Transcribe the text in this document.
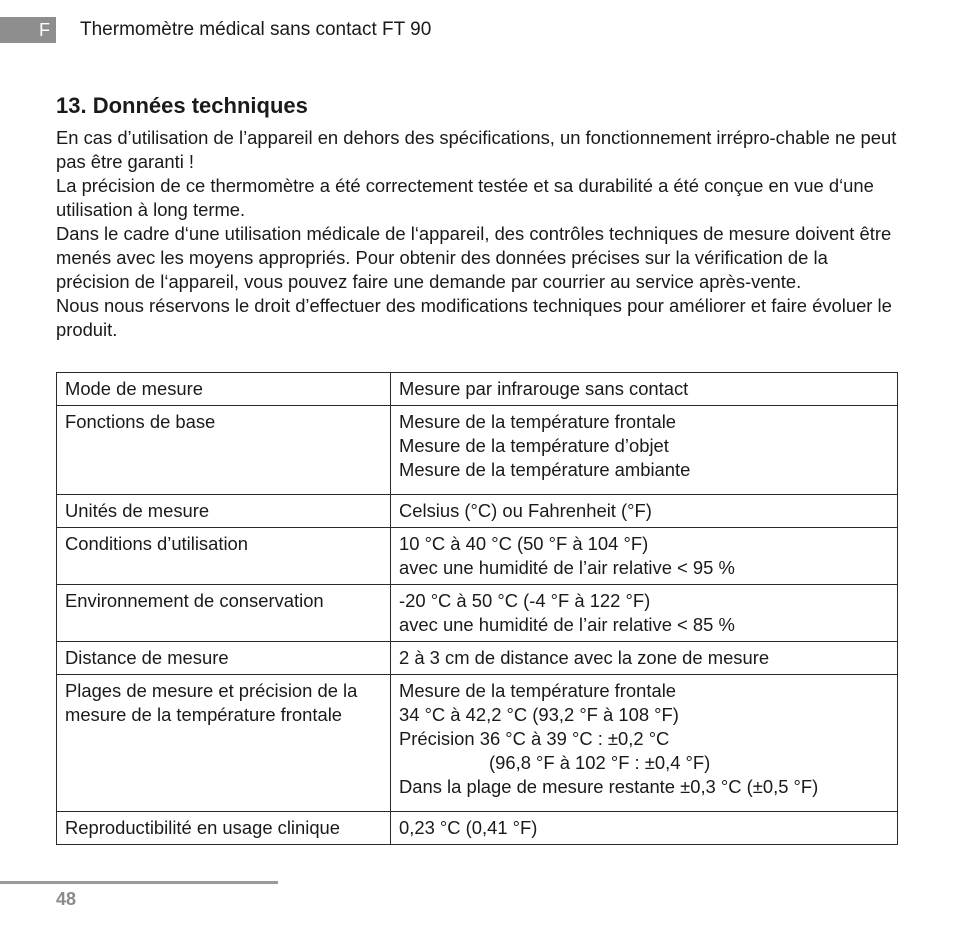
F	Thermomètre médical sans contact FT 90
13. Données techniques

En cas d’utilisation de l’appareil en dehors des spécifications, un fonctionnement irrépro-chable ne peut pas être garanti !

La précision de ce thermomètre a été correctement testée et sa durabilité a été conçue en vue d‘une utilisation à long terme.

Dans le cadre d‘une utilisation médicale de l‘appareil, des contrôles techniques de mesure doivent être menés avec les moyens appropriés. Pour obtenir des données précises sur la vérification de la précision de l‘appareil, vous pouvez faire une demande par courrier au service après-vente.

Nous nous réservons le droit d’effectuer des modifications techniques pour améliorer et faire évoluer le produit.

Mode de mesure	Mesure par infrarouge sans contact

Fonctions de base	Mesure de la température frontale
Mesure de la température d’objet
Mesure de la température ambiante

Unités de mesure	Celsius (°C) ou Fahrenheit (°F)

Conditions d’utilisation	10 °C à 40 °C (50 °F à 104 °F)
avec une humidité de l’air relative < 95 %

Environnement de conservation	-20 °C à 50 °C (-4 °F à 122 °F)
avec une humidité de l’air relative < 85 %

Distance de mesure	2 à 3 cm de distance avec la zone de mesure

Plages de mesure et précision de la mesure de la température frontale	Mesure de la température frontale
34 °C à 42,2 °C (93,2 °F à 108 °F)
Précision 36 °C à 39 °C : ±0,2 °C
(96,8 °F à 102 °F : ±0,4 °F)
Dans la plage de mesure restante ±0,3 °C (±0,5 °F)

Reproductibilité en usage clinique	0,23 °C (0,41 °F)
48
